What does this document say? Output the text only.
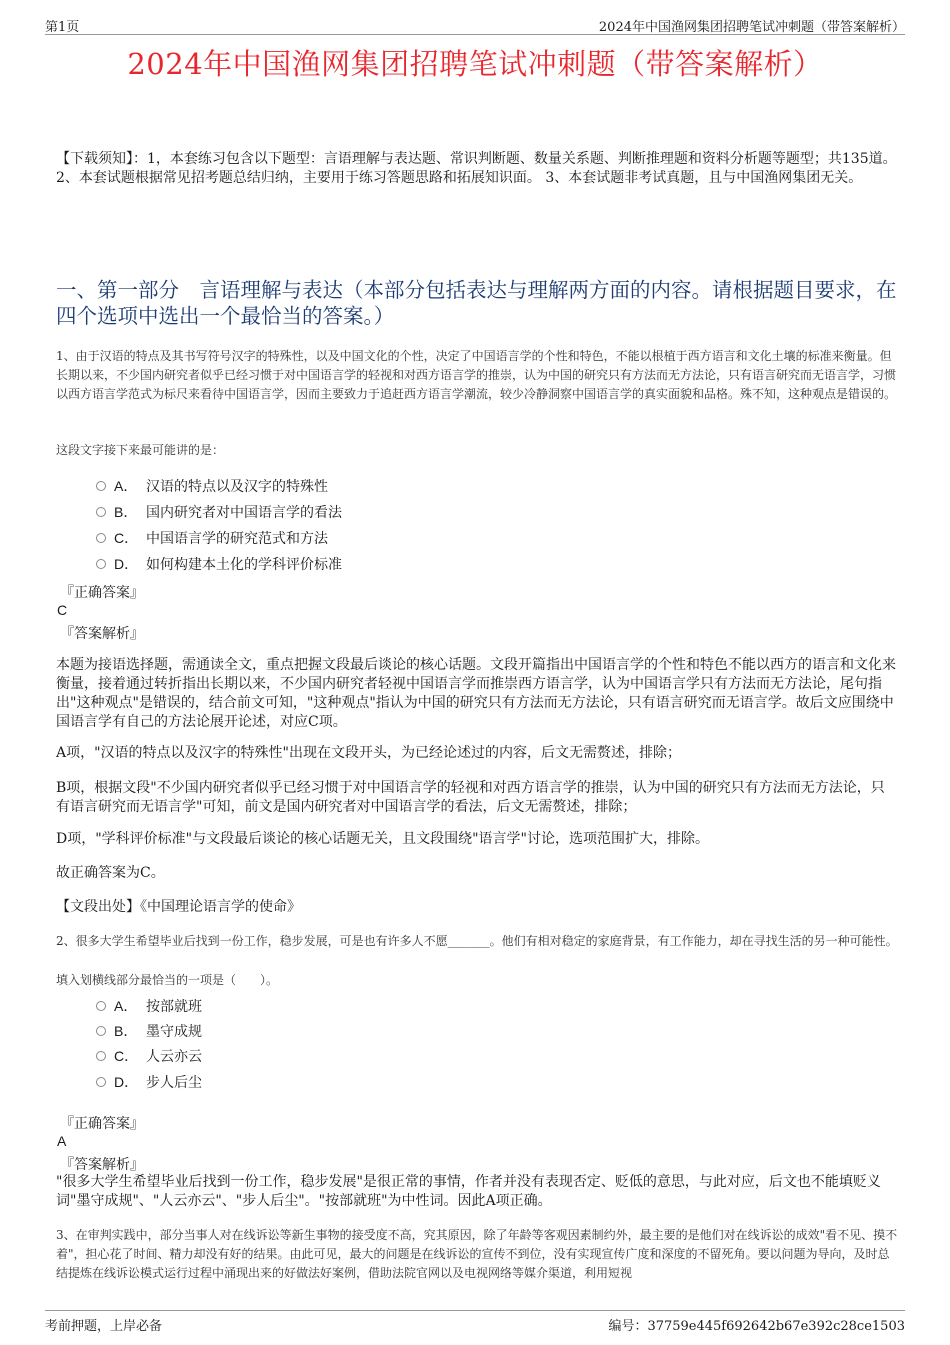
第1页	2024年中国渔网集团招聘笔试冲刺题（带答案解析）
2024年中国渔网集团招聘笔试冲刺题（带答案解析）
【下载须知】：1，本套练习包含以下题型：言语理解与表达题、常识判断题、数量关系题、判断推理题和资料分析题等题型；共135道。 2、本套试题根据常见招考题总结归纳，主要用于练习答题思路和拓展知识面。 3、本套试题非考试真题，且与中国渔网集团无关。
一、第一部分　言语理解与表达（本部分包括表达与理解两方面的内容。请根据题目要求，在四个选项中选出一个最恰当的答案。）
1、由于汉语的特点及其书写符号汉字的特殊性，以及中国文化的个性，决定了中国语言学的个性和特色，不能以根植于西方语言和文化土壤的标准来衡量。但长期以来，不少国内研究者似乎已经习惯于对中国语言学的轻视和对西方语言学的推崇，认为中国的研究只有方法而无方法论，只有语言研究而无语言学，习惯以西方语言学范式为标尺来看待中国语言学，因而主要致力于追赶西方语言学潮流，较少冷静洞察中国语言学的真实面貌和品格。殊不知，这种观点是错误的。
这段文字接下来最可能讲的是：
A． 汉语的特点以及汉字的特殊性
B． 国内研究者对中国语言学的看法
C． 中国语言学的研究范式和方法
D． 如何构建本土化的学科评价标准
『正确答案』
C
『答案解析』
本题为接语选择题，需通读全文，重点把握文段最后谈论的核心话题。文段开篇指出中国语言学的个性和特色不能以西方的语言和文化来衡量，接着通过转折指出长期以来，不少国内研究者轻视中国语言学而推崇西方语言学，认为中国语言学只有方法而无方法论，尾句指出"这种观点"是错误的，结合前文可知，"这种观点"指认为中国的研究只有方法而无方法论，只有语言研究而无语言学。故后文应围绕中国语言学有自己的方法论展开论述，对应C项。
A项，"汉语的特点以及汉字的特殊性"出现在文段开头，为已经论述过的内容，后文无需赘述，排除；
B项，根据文段"不少国内研究者似乎已经习惯于对中国语言学的轻视和对西方语言学的推崇，认为中国的研究只有方法而无方法论，只有语言研究而无语言学"可知，前文是国内研究者对中国语言学的看法，后文无需赘述，排除；
D项，"学科评价标准"与文段最后谈论的核心话题无关，且文段围绕"语言学"讨论，选项范围扩大，排除。
故正确答案为C。
【文段出处】《中国理论语言学的使命》
2、很多大学生希望毕业后找到一份工作，稳步发展，可是也有许多人不愿_______。他们有相对稳定的家庭背景，有工作能力，却在寻找生活的另一种可能性。
填入划横线部分最恰当的一项是（　　）。
A． 按部就班
B． 墨守成规
C． 人云亦云
D． 步人后尘
『正确答案』
A
『答案解析』
"很多大学生希望毕业后找到一份工作，稳步发展"是很正常的事情，作者并没有表现否定、贬低的意思，与此对应，后文也不能填贬义词"墨守成规"、"人云亦云"、"步人后尘"。"按部就班"为中性词。因此A项正确。
3、在审判实践中，部分当事人对在线诉讼等新生事物的接受度不高，究其原因，除了年龄等客观因素制约外，最主要的是他们对在线诉讼的成效"看不见、摸不着"，担心花了时间、精力却没有好的结果。由此可见，最大的问题是在线诉讼的宣传不到位，没有实现宣传广度和深度的不留死角。要以问题为导向，及时总结提炼在线诉讼模式运行过程中涌现出来的好做法好案例，借助法院官网以及电视网络等媒介渠道，利用短视
考前押题，上岸必备	编号：37759e445f692642b67e392c28ce1503
